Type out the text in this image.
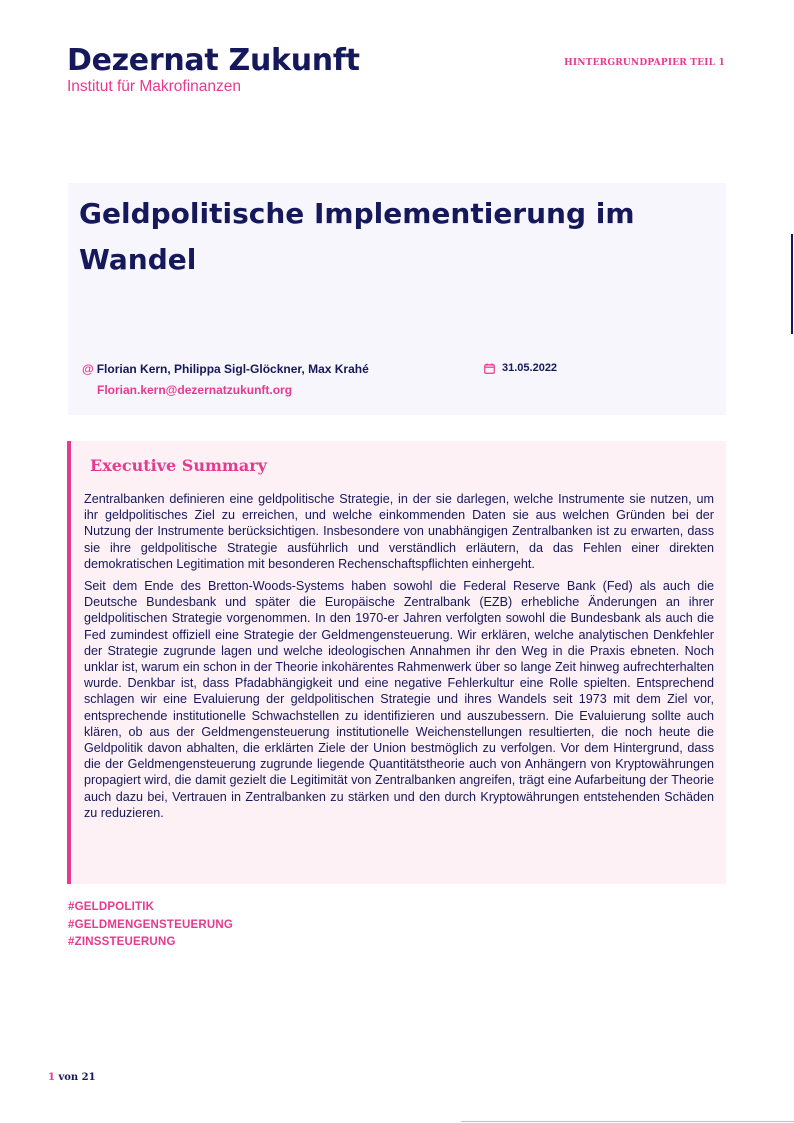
Dezernat Zukunft
Institut für Makrofinanzen
HINTERGRUNDPAPIER TEIL 1
Geldpolitische Implementierung im Wandel
@ Florian Kern, Philippa Sigl-Glöckner, Max Krahé
Florian.kern@dezernatzukunft.org
31.05.2022
Executive Summary

Zentralbanken definieren eine geldpolitische Strategie, in der sie darlegen, welche Instrumente sie nutzen, um ihr geldpolitisches Ziel zu erreichen, und welche einkommenden Daten sie aus welchen Gründen bei der Nutzung der Instrumente berücksichtigen. Insbesondere von unabhängigen Zentralbanken ist zu erwarten, dass sie ihre geldpolitische Strategie ausführlich und verständlich erläutern, da das Fehlen einer direkten demokratischen Legitimation mit besonderen Rechenschaftspflichten einhergeht.

Seit dem Ende des Bretton-Woods-Systems haben sowohl die Federal Reserve Bank (Fed) als auch die Deutsche Bundesbank und später die Europäische Zentralbank (EZB) erhebliche Änderungen an ihrer geldpolitischen Strategie vorgenommen. In den 1970-er Jahren verfolgten sowohl die Bundesbank als auch die Fed zumindest offiziell eine Strategie der Geldmengensteuerung. Wir erklären, welche analytischen Denkfehler der Strategie zugrunde lagen und welche ideologischen Annahmen ihr den Weg in die Praxis ebneten. Noch unklar ist, warum ein schon in der Theorie inkohärentes Rahmenwerk über so lange Zeit hinweg aufrechterhalten wurde. Denkbar ist, dass Pfadabhängigkeit und eine negative Fehlerkultur eine Rolle spielten. Entsprechend schlagen wir eine Evaluierung der geldpolitischen Strategie und ihres Wandels seit 1973 mit dem Ziel vor, entsprechende institutionelle Schwachstellen zu identifizieren und auszubessern. Die Evaluierung sollte auch klären, ob aus der Geldmengensteuerung institutionelle Weichenstellungen resultierten, die noch heute die Geldpolitik davon abhalten, die erklärten Ziele der Union bestmöglich zu verfolgen. Vor dem Hintergrund, dass die der Geldmengensteuerung zugrunde liegende Quantitätstheorie auch von Anhängern von Kryptowährungen propagiert wird, die damit gezielt die Legitimität von Zentralbanken angreifen, trägt eine Aufarbeitung der Theorie auch dazu bei, Vertrauen in Zentralbanken zu stärken und den durch Kryptowährungen entstehenden Schäden zu reduzieren.

#GELDPOLITIK
#GELDMENGENSTEUERUNG
#ZINSSTEUERUNG
1 von 21
